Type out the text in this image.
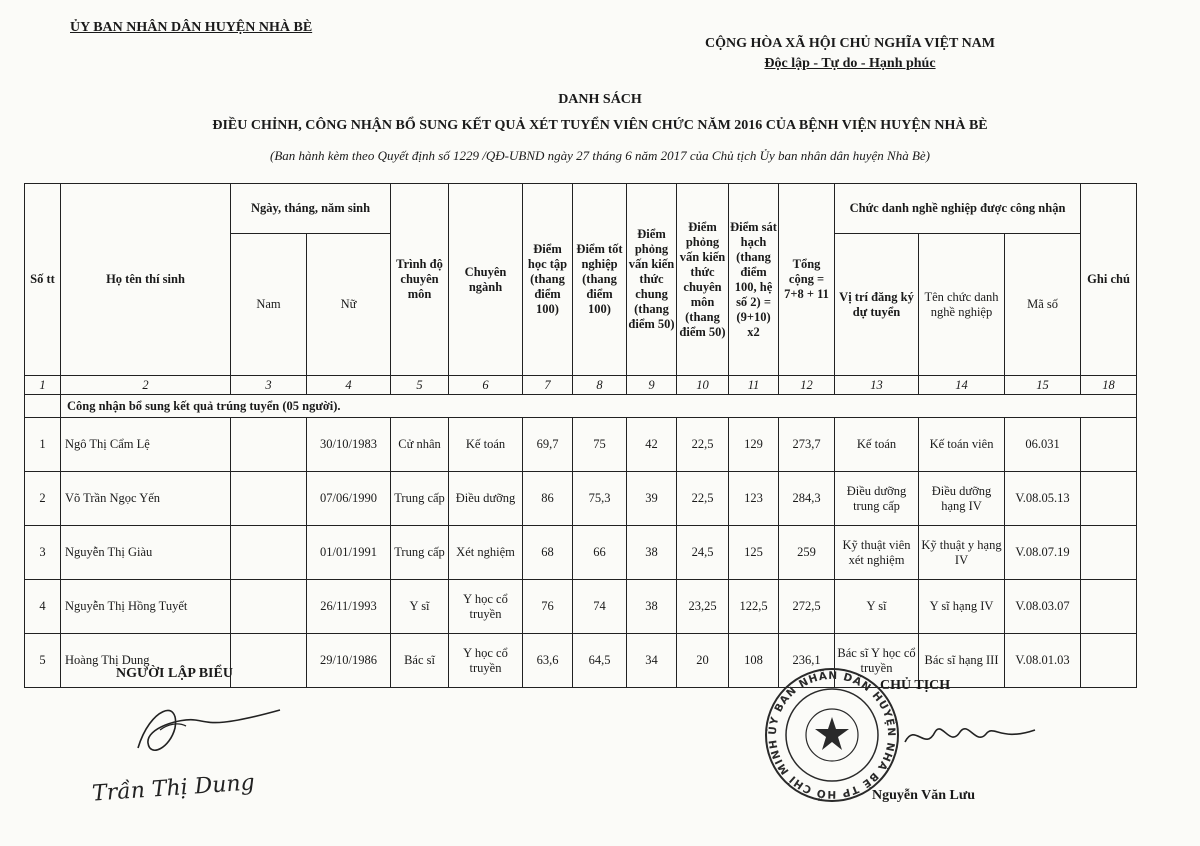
ỦY BAN NHÂN DÂN HUYỆN NHÀ BÈ
CỘNG HÒA XÃ HỘI CHỦ NGHĨA VIỆT NAM
Độc lập - Tự do - Hạnh phúc
DANH SÁCH
ĐIỀU CHỈNH, CÔNG NHẬN BỔ SUNG KẾT QUẢ XÉT TUYỂN VIÊN CHỨC NĂM 2016 CỦA BỆNH VIỆN HUYỆN NHÀ BÈ
(Ban hành kèm theo Quyết định số 1229 /QĐ-UBND ngày 27 tháng 6 năm 2017 của Chủ tịch Ủy ban nhân dân huyện Nhà Bè)
Số tt	Họ tên thí sinh	Ngày, tháng, năm sinh		Trình độ chuyên môn	Chuyên ngành	Điểm học tập (thang điểm 100)	Điểm tốt nghiệp (thang điểm 100)	Điểm phỏng vấn kiến thức chung (thang điểm 50)	Điểm phỏng vấn kiến thức chuyên môn (thang điểm 50)	Điểm sát hạch (thang điểm 100, hệ số 2) = (9+10) x2	Tổng cộng = 7+8 + 11	Chức danh nghề nghiệp được công nhận			Ghi chú
		Nam	Nữ									Vị trí đăng ký dự tuyển	Tên chức danh nghề nghiệp	Mã số	
1	2	3	4	5	6	7	8	9	10	11	12	13	14	15	18
	Công nhận bổ sung kết quả trúng tuyển (05 người).														
1	Ngô Thị Cẩm Lệ		30/10/1983	Cử nhân	Kế toán	69,7	75	42	22,5	129	273,7	Kế toán	Kế toán viên	06.031	
2	Võ Trần Ngọc Yến		07/06/1990	Trung cấp	Điều dưỡng	86	75,3	39	22,5	123	284,3	Điều dưỡng trung cấp	Điều dưỡng hạng IV	V.08.05.13	
3	Nguyễn Thị Giàu		01/01/1991	Trung cấp	Xét nghiệm	68	66	38	24,5	125	259	Kỹ thuật viên xét nghiệm	Kỹ thuật y hạng IV	V.08.07.19	
4	Nguyễn Thị Hồng Tuyết		26/11/1993	Y sĩ	Y học cổ truyền	76	74	38	23,25	122,5	272,5	Y sĩ	Y sĩ hạng IV	V.08.03.07	
5	Hoàng Thị Dung		29/10/1986	Bác sĩ	Y học cổ truyền	63,6	64,5	34	20	108	236,1	Bác sĩ Y học cổ truyền	Bác sĩ hạng III	V.08.01.03	
NGƯỜI LẬP BIỂU
Trần Thị Dung
ỦY BAN NHÂN DÂN HUYỆN NHÀ BÈ TP HỒ CHÍ MINH
CHỦ TỊCH
Nguyễn Văn Lưu
